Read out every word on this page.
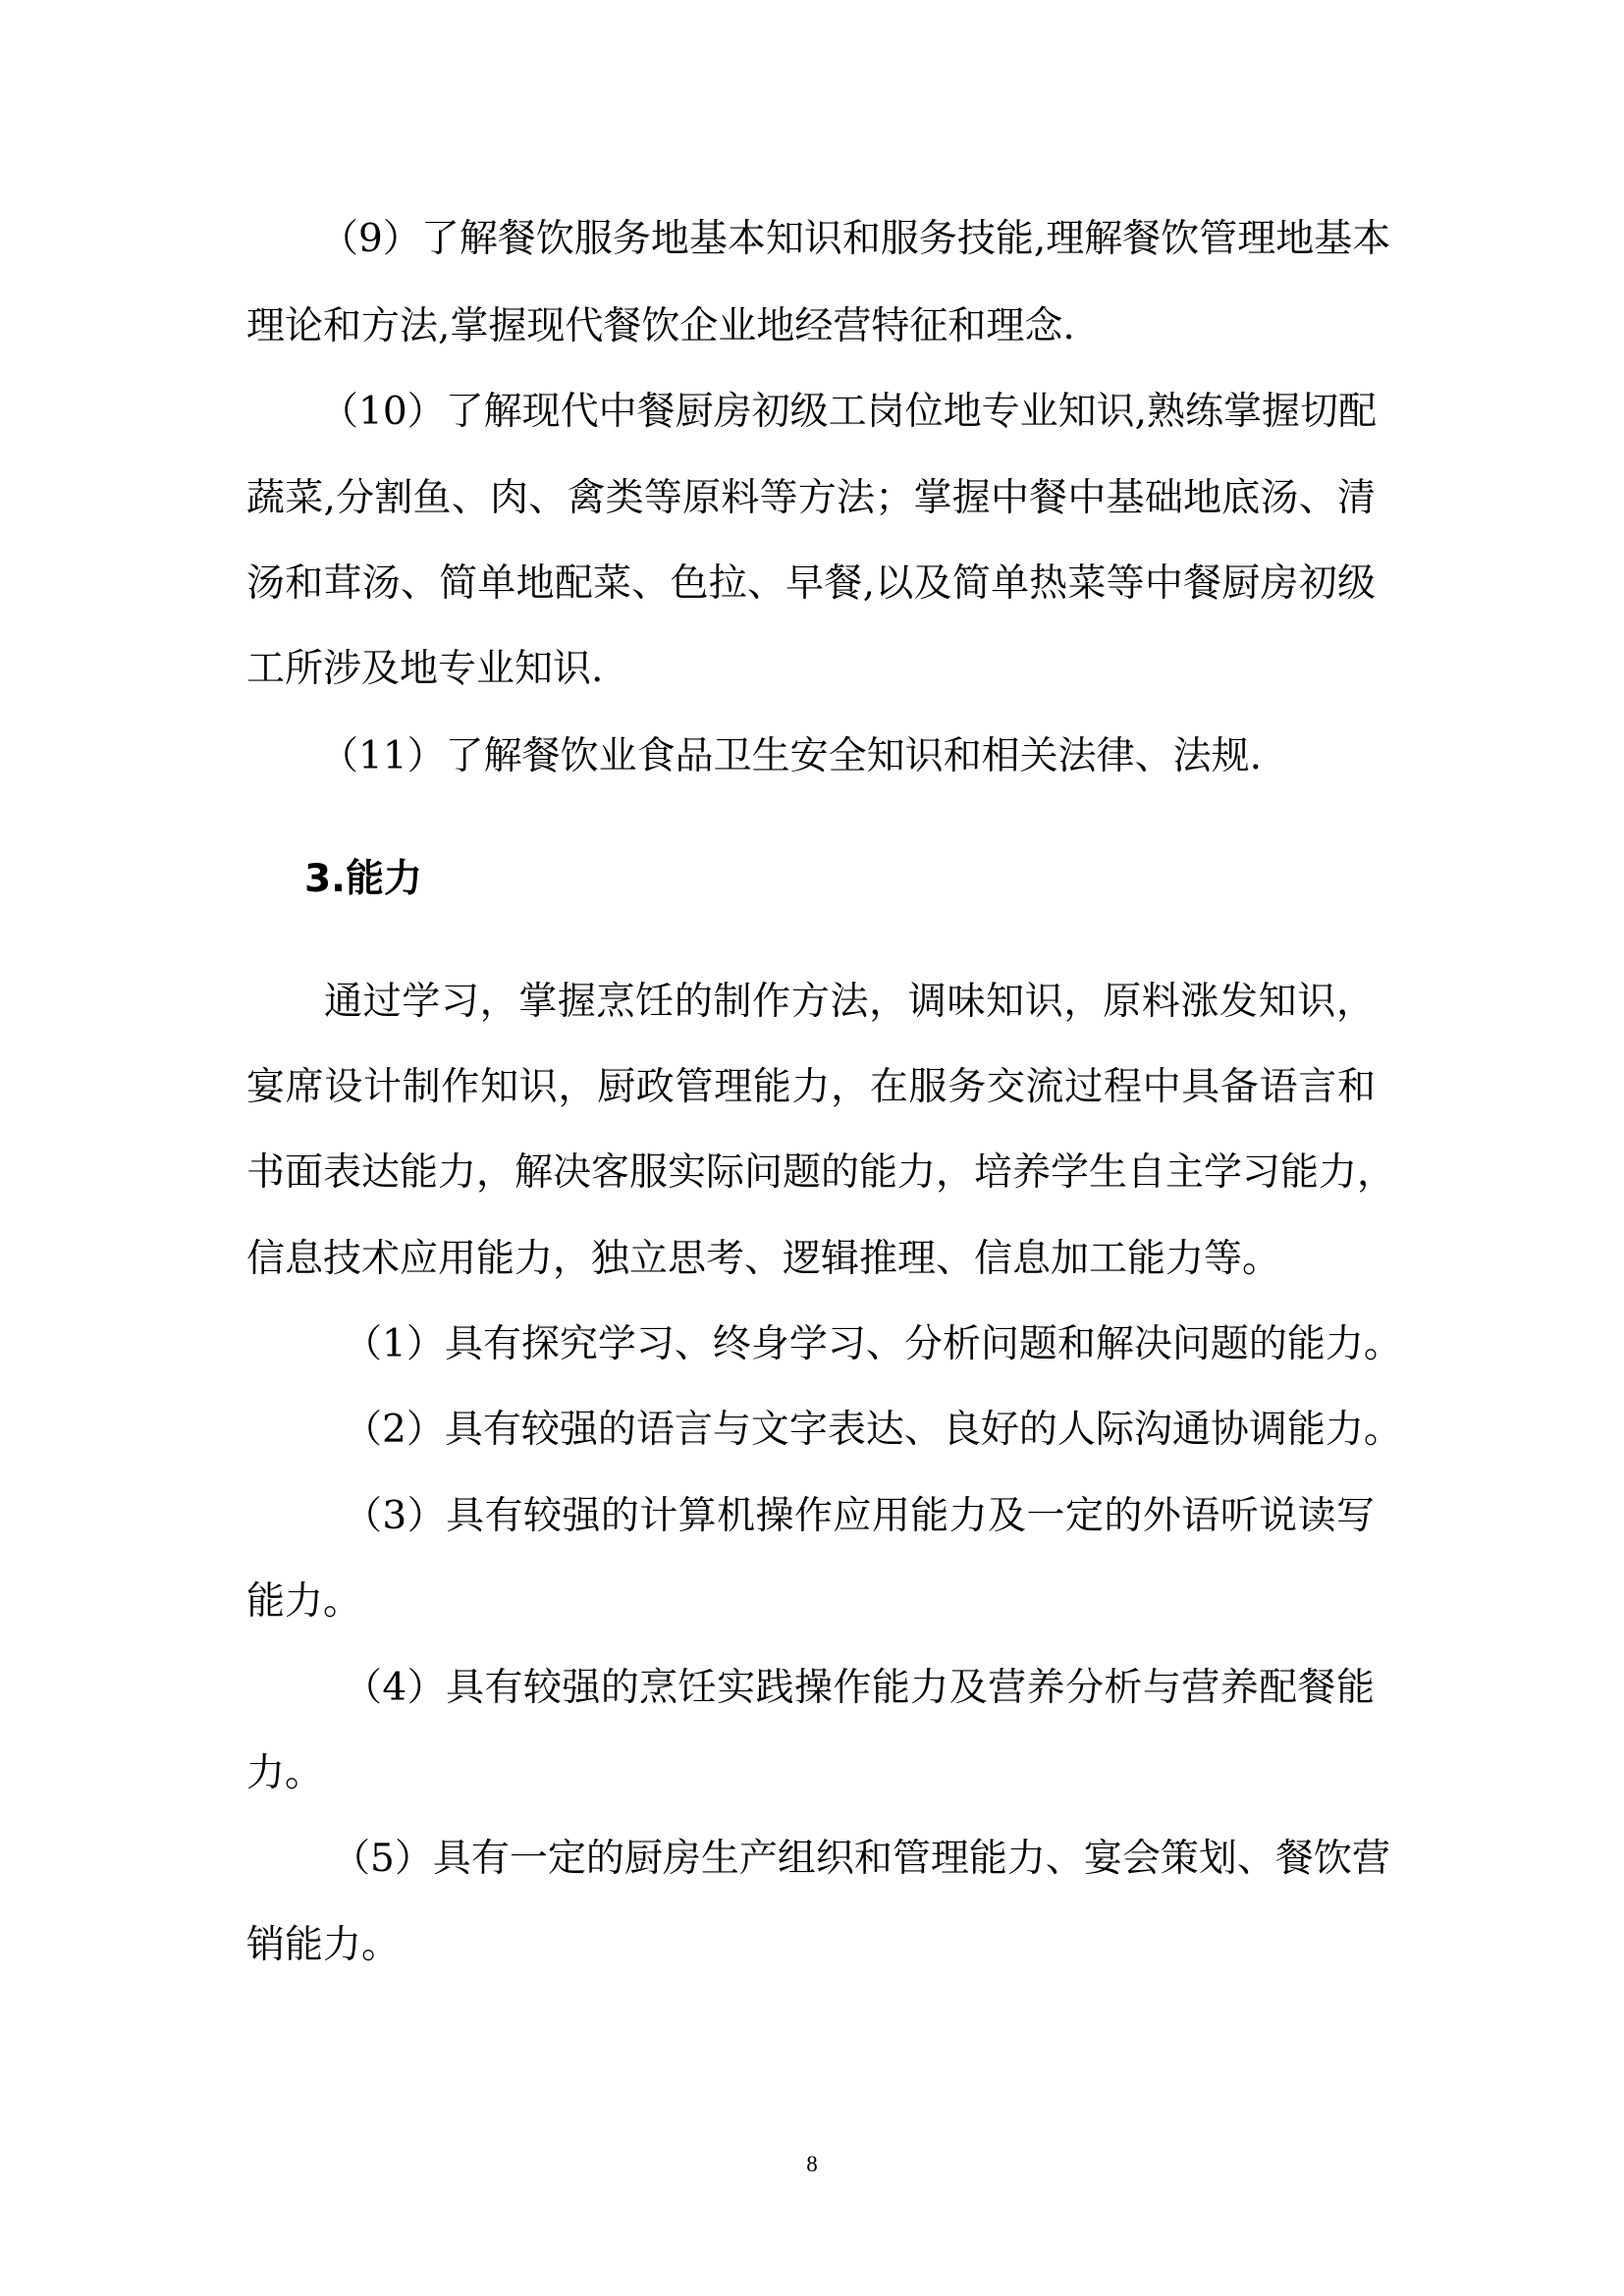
（9）了解餐饮服务地基本知识和服务技能,理解餐饮管理地基本
理论和方法,掌握现代餐饮企业地经营特征和理念.
（10）了解现代中餐厨房初级工岗位地专业知识,熟练掌握切配
蔬菜,分割鱼、肉、禽类等原料等方法；掌握中餐中基础地底汤、清
汤和茸汤、简单地配菜、色拉、早餐,以及简单热菜等中餐厨房初级
工所涉及地专业知识.
（11）了解餐饮业食品卫生安全知识和相关法律、法规.
3.能力
通过学习，掌握烹饪的制作方法，调味知识，原料涨发知识，
宴席设计制作知识，厨政管理能力，在服务交流过程中具备语言和
书面表达能力，解决客服实际问题的能力，培养学生自主学习能力，
信息技术应用能力，独立思考、逻辑推理、信息加工能力等。
（1）具有探究学习、终身学习、分析问题和解决问题的能力。
（2）具有较强的语言与文字表达、良好的人际沟通协调能力。
（3）具有较强的计算机操作应用能力及一定的外语听说读写
能力。
（4）具有较强的烹饪实践操作能力及营养分析与营养配餐能
力。
（5）具有一定的厨房生产组织和管理能力、宴会策划、餐饮营
销能力。
8
